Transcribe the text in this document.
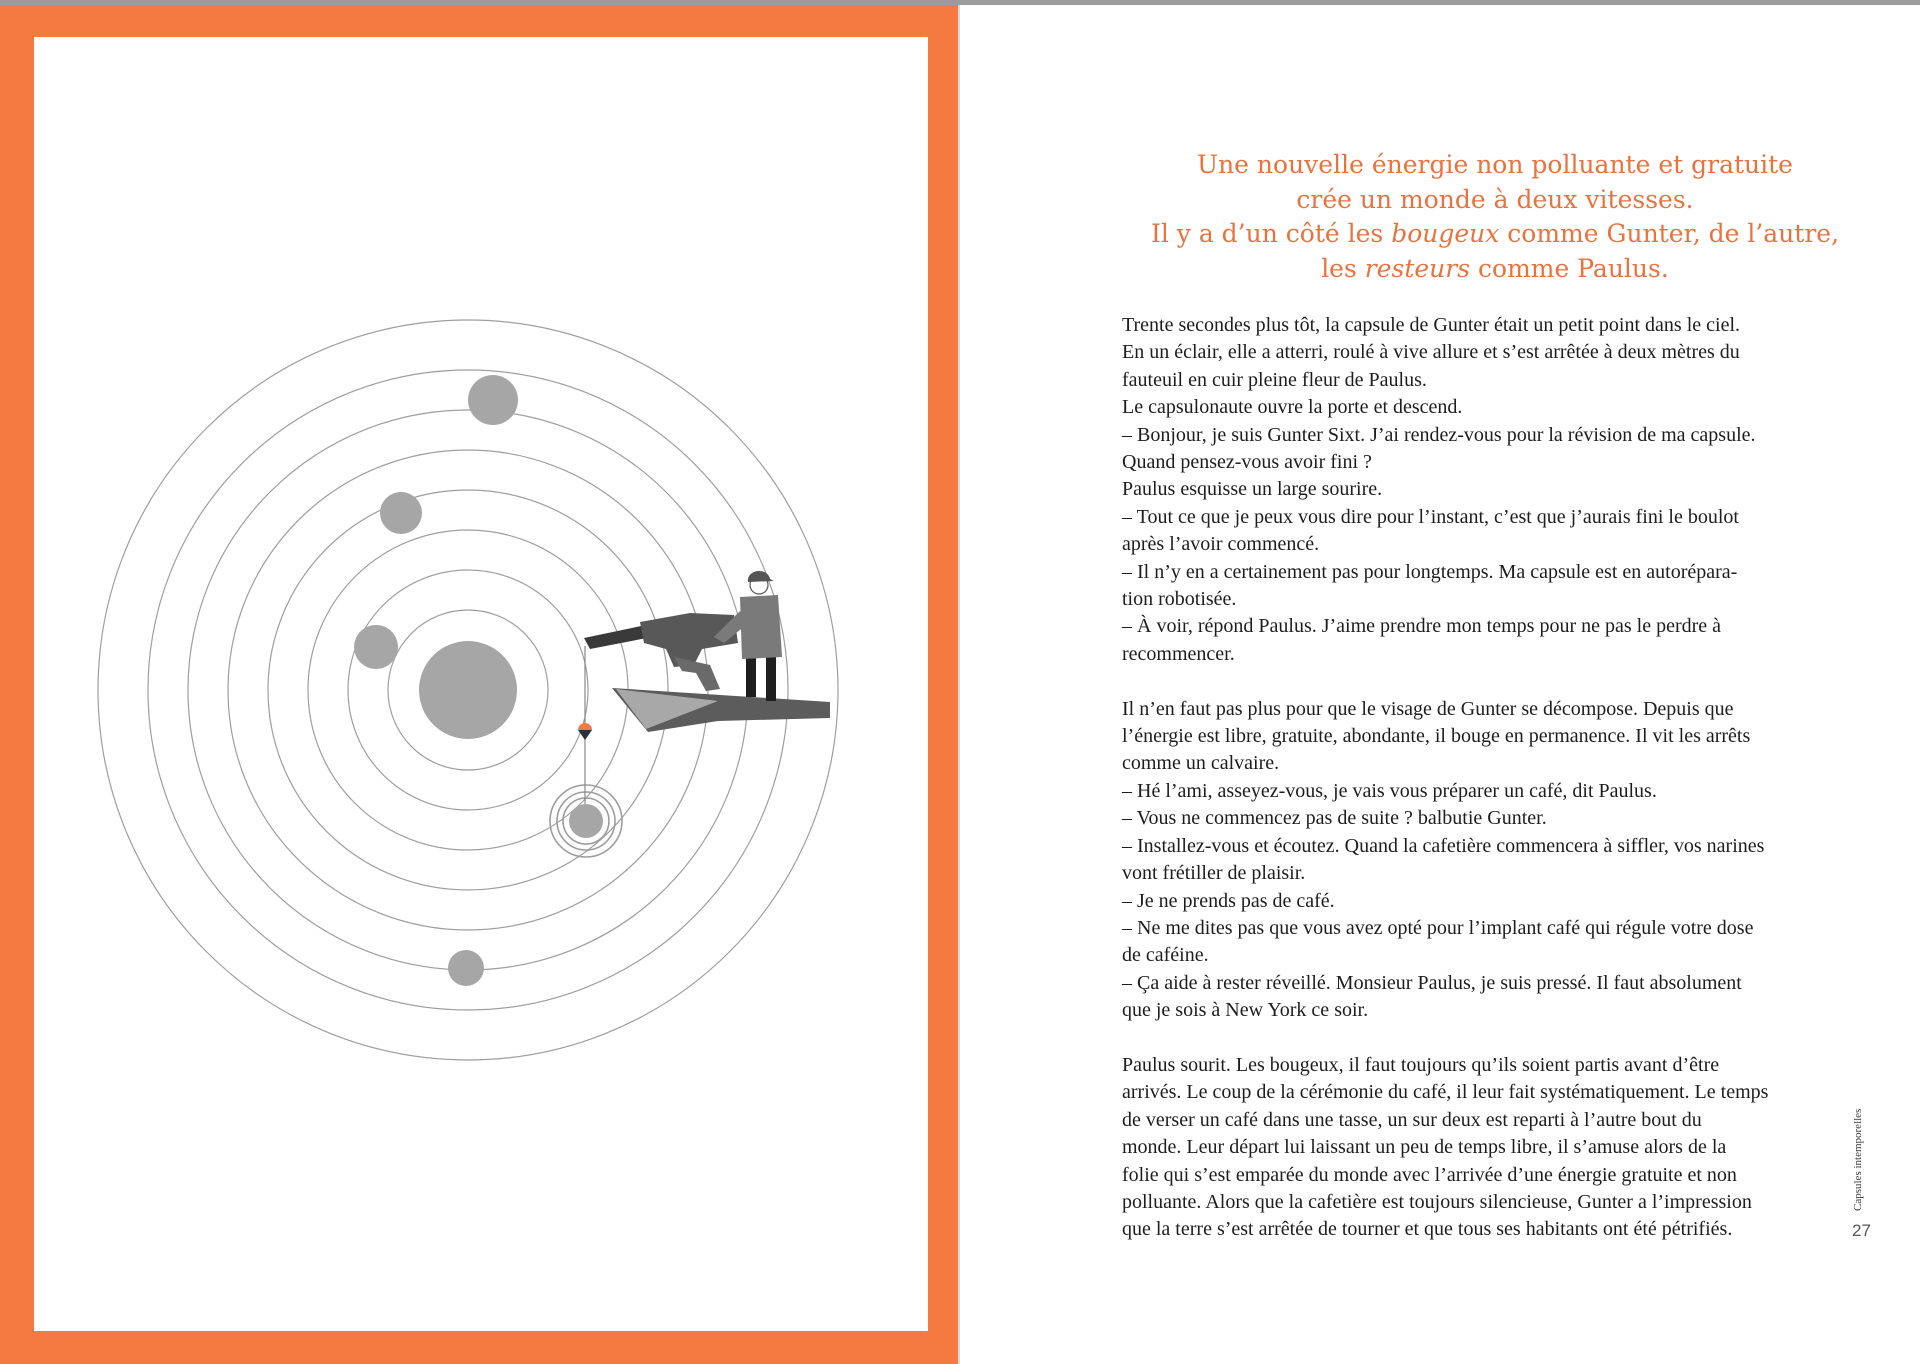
Une nouvelle énergie non polluante et gratuite
crée un monde à deux vitesses.
Il y a d’un côté les bougeux comme Gunter, de l’autre,
les resteurs comme Paulus.

Trente secondes plus tôt, la capsule de Gunter était un petit point dans le ciel.

En un éclair, elle a atterri, roulé à vive allure et s’est arrêtée à deux mètres du

fauteuil en cuir pleine fleur de Paulus.

Le capsulonaute ouvre la porte et descend.

– Bonjour, je suis Gunter Sixt. J’ai rendez-vous pour la révision de ma capsule.

Quand pensez-vous avoir fini ?

Paulus esquisse un large sourire.

– Tout ce que je peux vous dire pour l’instant, c’est que j’aurais fini le boulot

après l’avoir commencé.

– Il n’y en a certainement pas pour longtemps. Ma capsule est en autorépara-

tion robotisée.

– À voir, répond Paulus. J’aime prendre mon temps pour ne pas le perdre à

recommencer.

Il n’en faut pas plus pour que le visage de Gunter se décompose. Depuis que

l’énergie est libre, gratuite, abondante, il bouge en permanence. Il vit les arrêts

comme un calvaire.

– Hé l’ami, asseyez-vous, je vais vous préparer un café, dit Paulus.

– Vous ne commencez pas de suite ? balbutie Gunter.

– Installez-vous et écoutez. Quand la cafetière commencera à siffler, vos narines

vont frétiller de plaisir.

– Je ne prends pas de café.

– Ne me dites pas que vous avez opté pour l’implant café qui régule votre dose

de caféine.

– Ça aide à rester réveillé. Monsieur Paulus, je suis pressé. Il faut absolument

que je sois à New York ce soir.

Paulus sourit. Les bougeux, il faut toujours qu’ils soient partis avant d’être

arrivés. Le coup de la cérémonie du café, il leur fait systématiquement. Le temps

de verser un café dans une tasse, un sur deux est reparti à l’autre bout du

monde. Leur départ lui laissant un peu de temps libre, il s’amuse alors de la

folie qui s’est emparée du monde avec l’arrivée d’une énergie gratuite et non

polluante. Alors que la cafetière est toujours silencieuse, Gunter a l’impression

que la terre s’est arrêtée de tourner et que tous ses habitants ont été pétrifiés.

Capsules intemporelles
27
